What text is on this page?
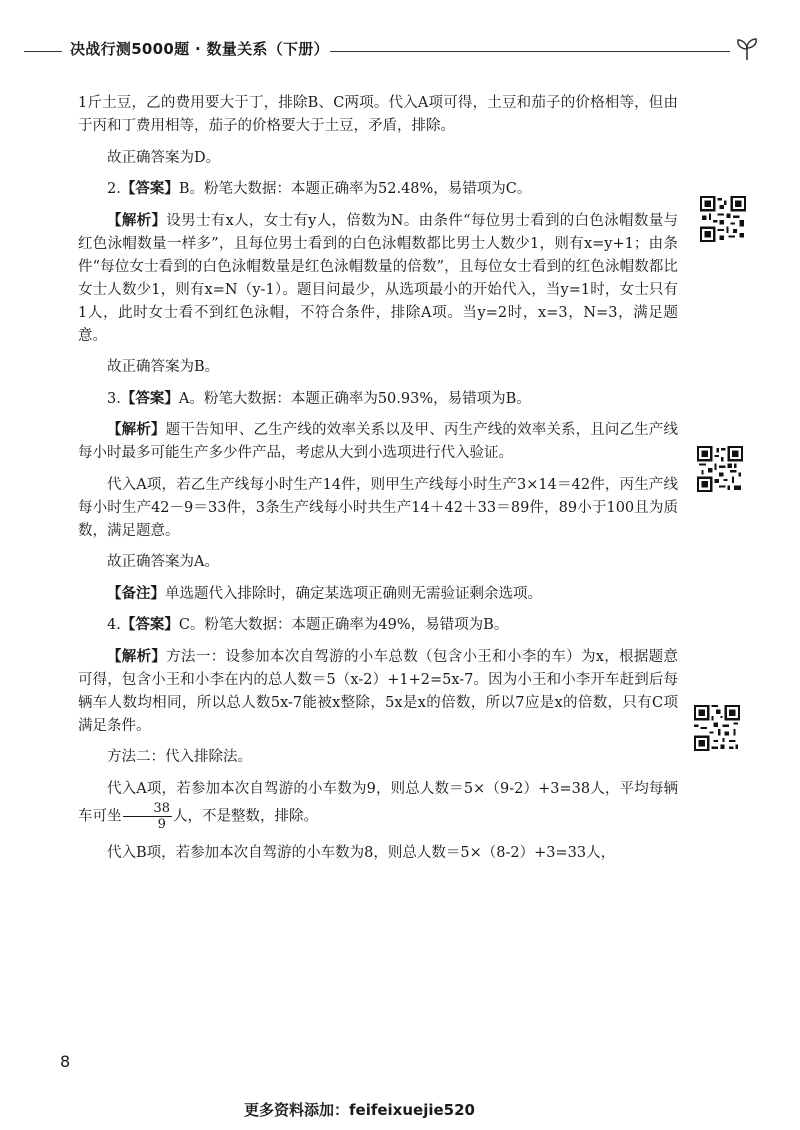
决战行测5000题 · 数量关系（下册）

1斤土豆，乙的费用要大于丁，排除B、C两项。代入A项可得，土豆和茄子的价格相等，但由于丙和丁费用相等，茄子的价格要大于土豆，矛盾，排除。

故正确答案为D。

2.【答案】B。粉笔大数据：本题正确率为52.48%，易错项为C。

【解析】设男士有x人，女士有y人，倍数为N。由条件“每位男士看到的白色泳帽数量与红色泳帽数量一样多”，且每位男士看到的白色泳帽数都比男士人数少1，则有x=y+1；由条件“每位女士看到的白色泳帽数量是红色泳帽数量的倍数”，且每位女士看到的红色泳帽数都比女士人数少1，则有x=N（y-1）。题目问最少，从选项最小的开始代入，当y=1时，女士只有1人，此时女士看不到红色泳帽，不符合条件，排除A项。当y=2时，x=3，N=3，满足题意。

故正确答案为B。

3.【答案】A。粉笔大数据：本题正确率为50.93%，易错项为B。

【解析】题干告知甲、乙生产线的效率关系以及甲、丙生产线的效率关系，且问乙生产线每小时最多可能生产多少件产品，考虑从大到小选项进行代入验证。

代入A项，若乙生产线每小时生产14件，则甲生产线每小时生产3×14＝42件，丙生产线每小时生产42－9＝33件，3条生产线每小时共生产14＋42＋33＝89件，89小于100且为质数，满足题意。

故正确答案为A。

【备注】单选题代入排除时，确定某选项正确则无需验证剩余选项。

4.【答案】C。粉笔大数据：本题正确率为49%，易错项为B。

【解析】方法一：设参加本次自驾游的小车总数（包含小王和小李的车）为x，根据题意可得，包含小王和小李在内的总人数＝5（x-2）+1+2=5x-7。因为小王和小李开车赶到后每辆车人数均相同，所以总人数5x-7能被x整除，5x是x的倍数，所以7应是x的倍数，只有C项满足条件。

方法二：代入排除法。

代入A项，若参加本次自驾游的小车数为9，则总人数＝5×（9-2）+3=38人，平均每辆车可坐 $\frac{38}{9}$ 人，不是整数，排除。

代入B项，若参加本次自驾游的小车数为8，则总人数＝5×（8-2）+3=33人，

8
更多资料添加：feifeixuejie520
